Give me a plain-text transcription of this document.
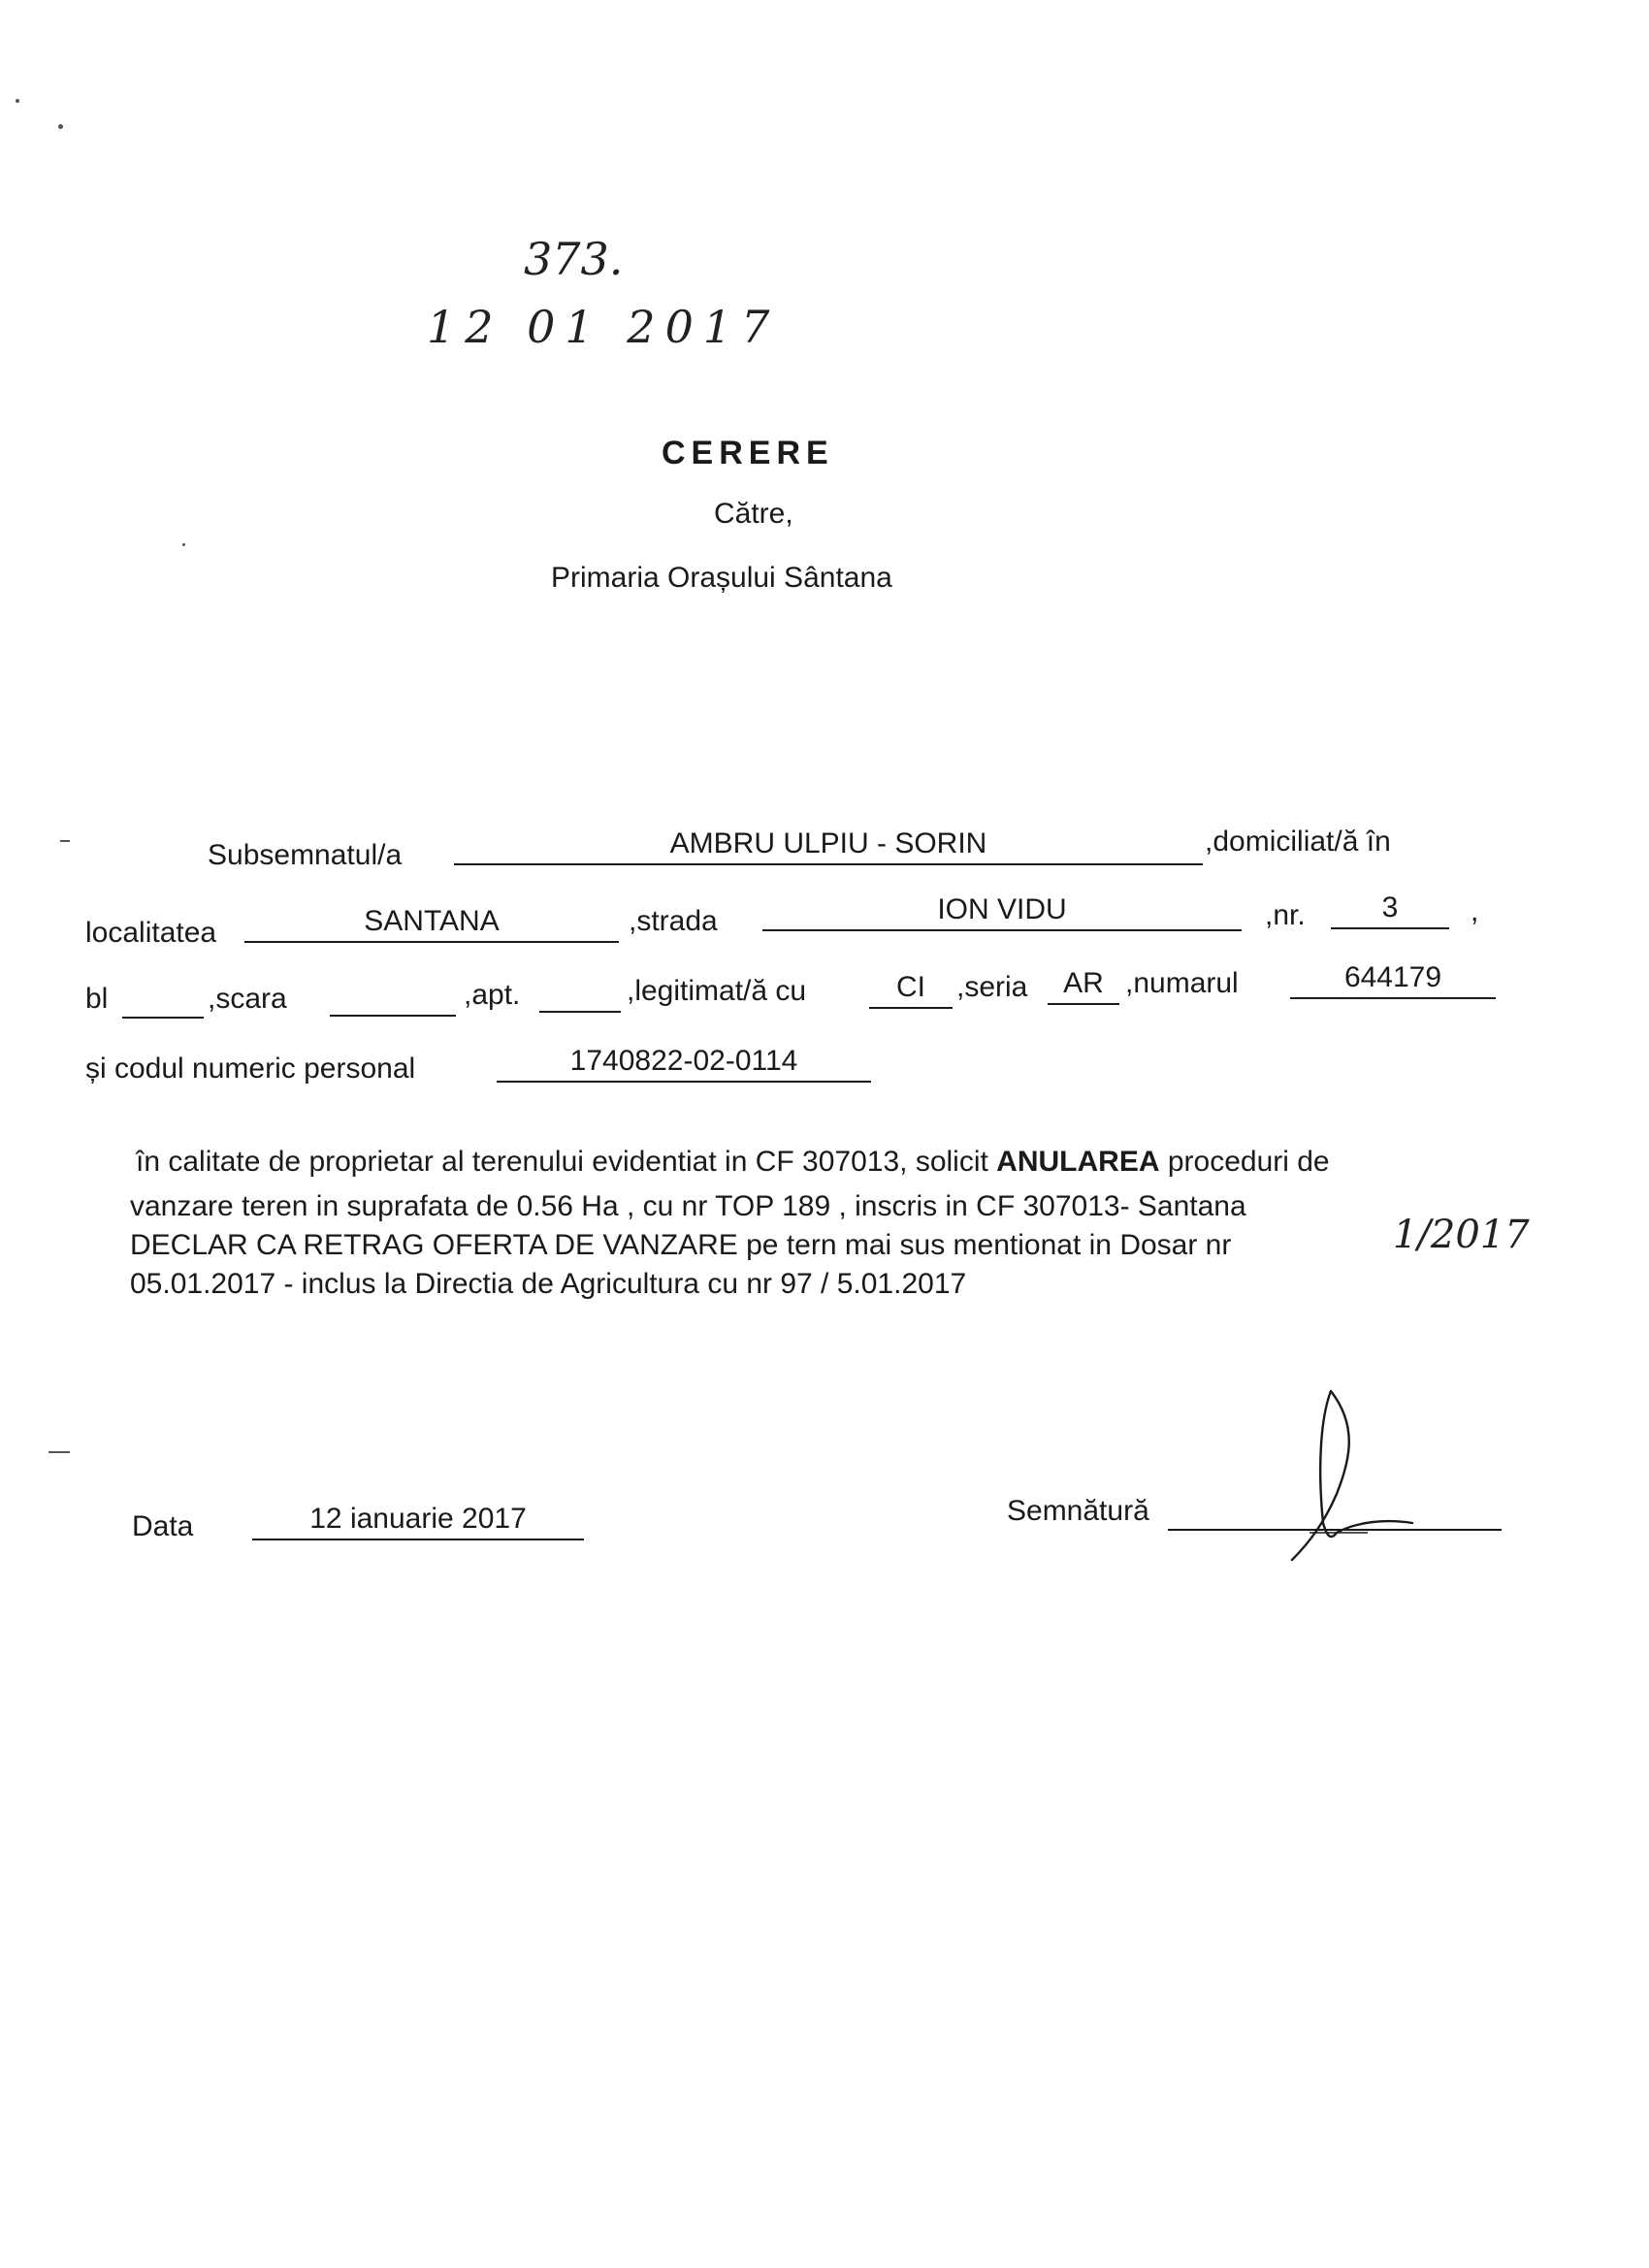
373.
12 01 2017
CERERE
Către,
Primaria Orașului Sântana
Subsemnatul/a	AMBRU ULPIU - SORIN	,domiciliat/ă în
localitatea	SANTANA	,strada	ION VIDU	,nr.	3	,
bl	,scara	,apt.	,legitimat/ă cu	CI	,seria	AR ,numarul	644179
și codul numeric personal	1740822-02-0114
în calitate de proprietar al terenului evidentiat in CF 307013, solicit ANULAREA proceduri de
vanzare teren in suprafata de 0.56 Ha , cu nr TOP 189 , inscris in CF 307013- Santana
DECLAR CA RETRAG OFERTA DE VANZARE pe tern mai sus mentionat in Dosar nr	1/2017
05.01.2017 - inclus la Directia de Agricultura cu nr 97 / 5.01.2017
Data	12 ianuarie 2017	Semnătură
